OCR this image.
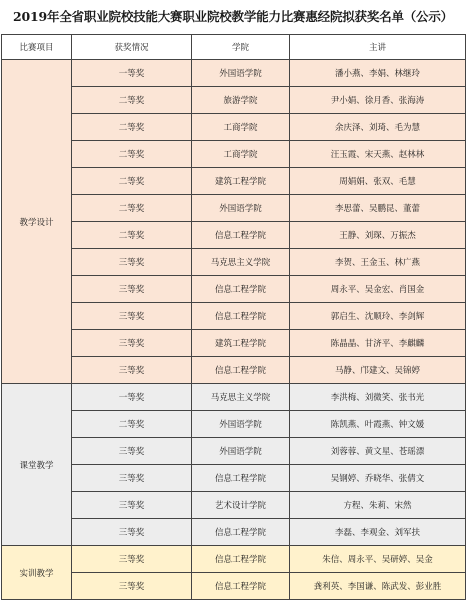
2019年全省职业院校技能大赛职业院校教学能力比赛惠经院拟获奖名单（公示）
比赛项目	获奖情况	学院	主讲
教学设计	一等奖	外国语学院	潘小燕、李娟、林继玲
	二等奖	旅游学院	尹小娟、徐月香、张海涛
	二等奖	工商学院	余庆泽、刘琦、毛为慧
	二等奖	工商学院	汪玉霞、宋天燕、赵林林
	二等奖	建筑工程学院	周娟娟、张双、毛慧
	二等奖	外国语学院	李思蕾、吴鹏昆、董蕾
	二等奖	信息工程学院	王静、刘琛、万振杰
	三等奖	马克思主义学院	李贺、王金玉、林广燕
	三等奖	信息工程学院	周永平、吴金宏、肖国金
	三等奖	信息工程学院	郭启生、沈顺玲、李剑辉
	三等奖	建筑工程学院	陈晶晶、甘济平、李麒麟
	三等奖	信息工程学院	马静、邝建文、吴锦婷
课堂教学	一等奖	马克思主义学院	李洪梅、刘微笑、张书光
	二等奖	外国语学院	陈凯燕、叶霞燕、钟文媛
	三等奖	外国语学院	刘蓉蓉、黄文星、苍瑶漂
	三等奖	信息工程学院	吴钢婷、乔晓华、张倩文
	三等奖	艺术设计学院	方程、朱莉、宋然
	三等奖	信息工程学院	李磊、李观金、刘军扶
实训教学	三等奖	信息工程学院	朱信、周永平、吴研婷、吴金
	三等奖	信息工程学院	龚利英、李国谦、陈武发、彭业胜
